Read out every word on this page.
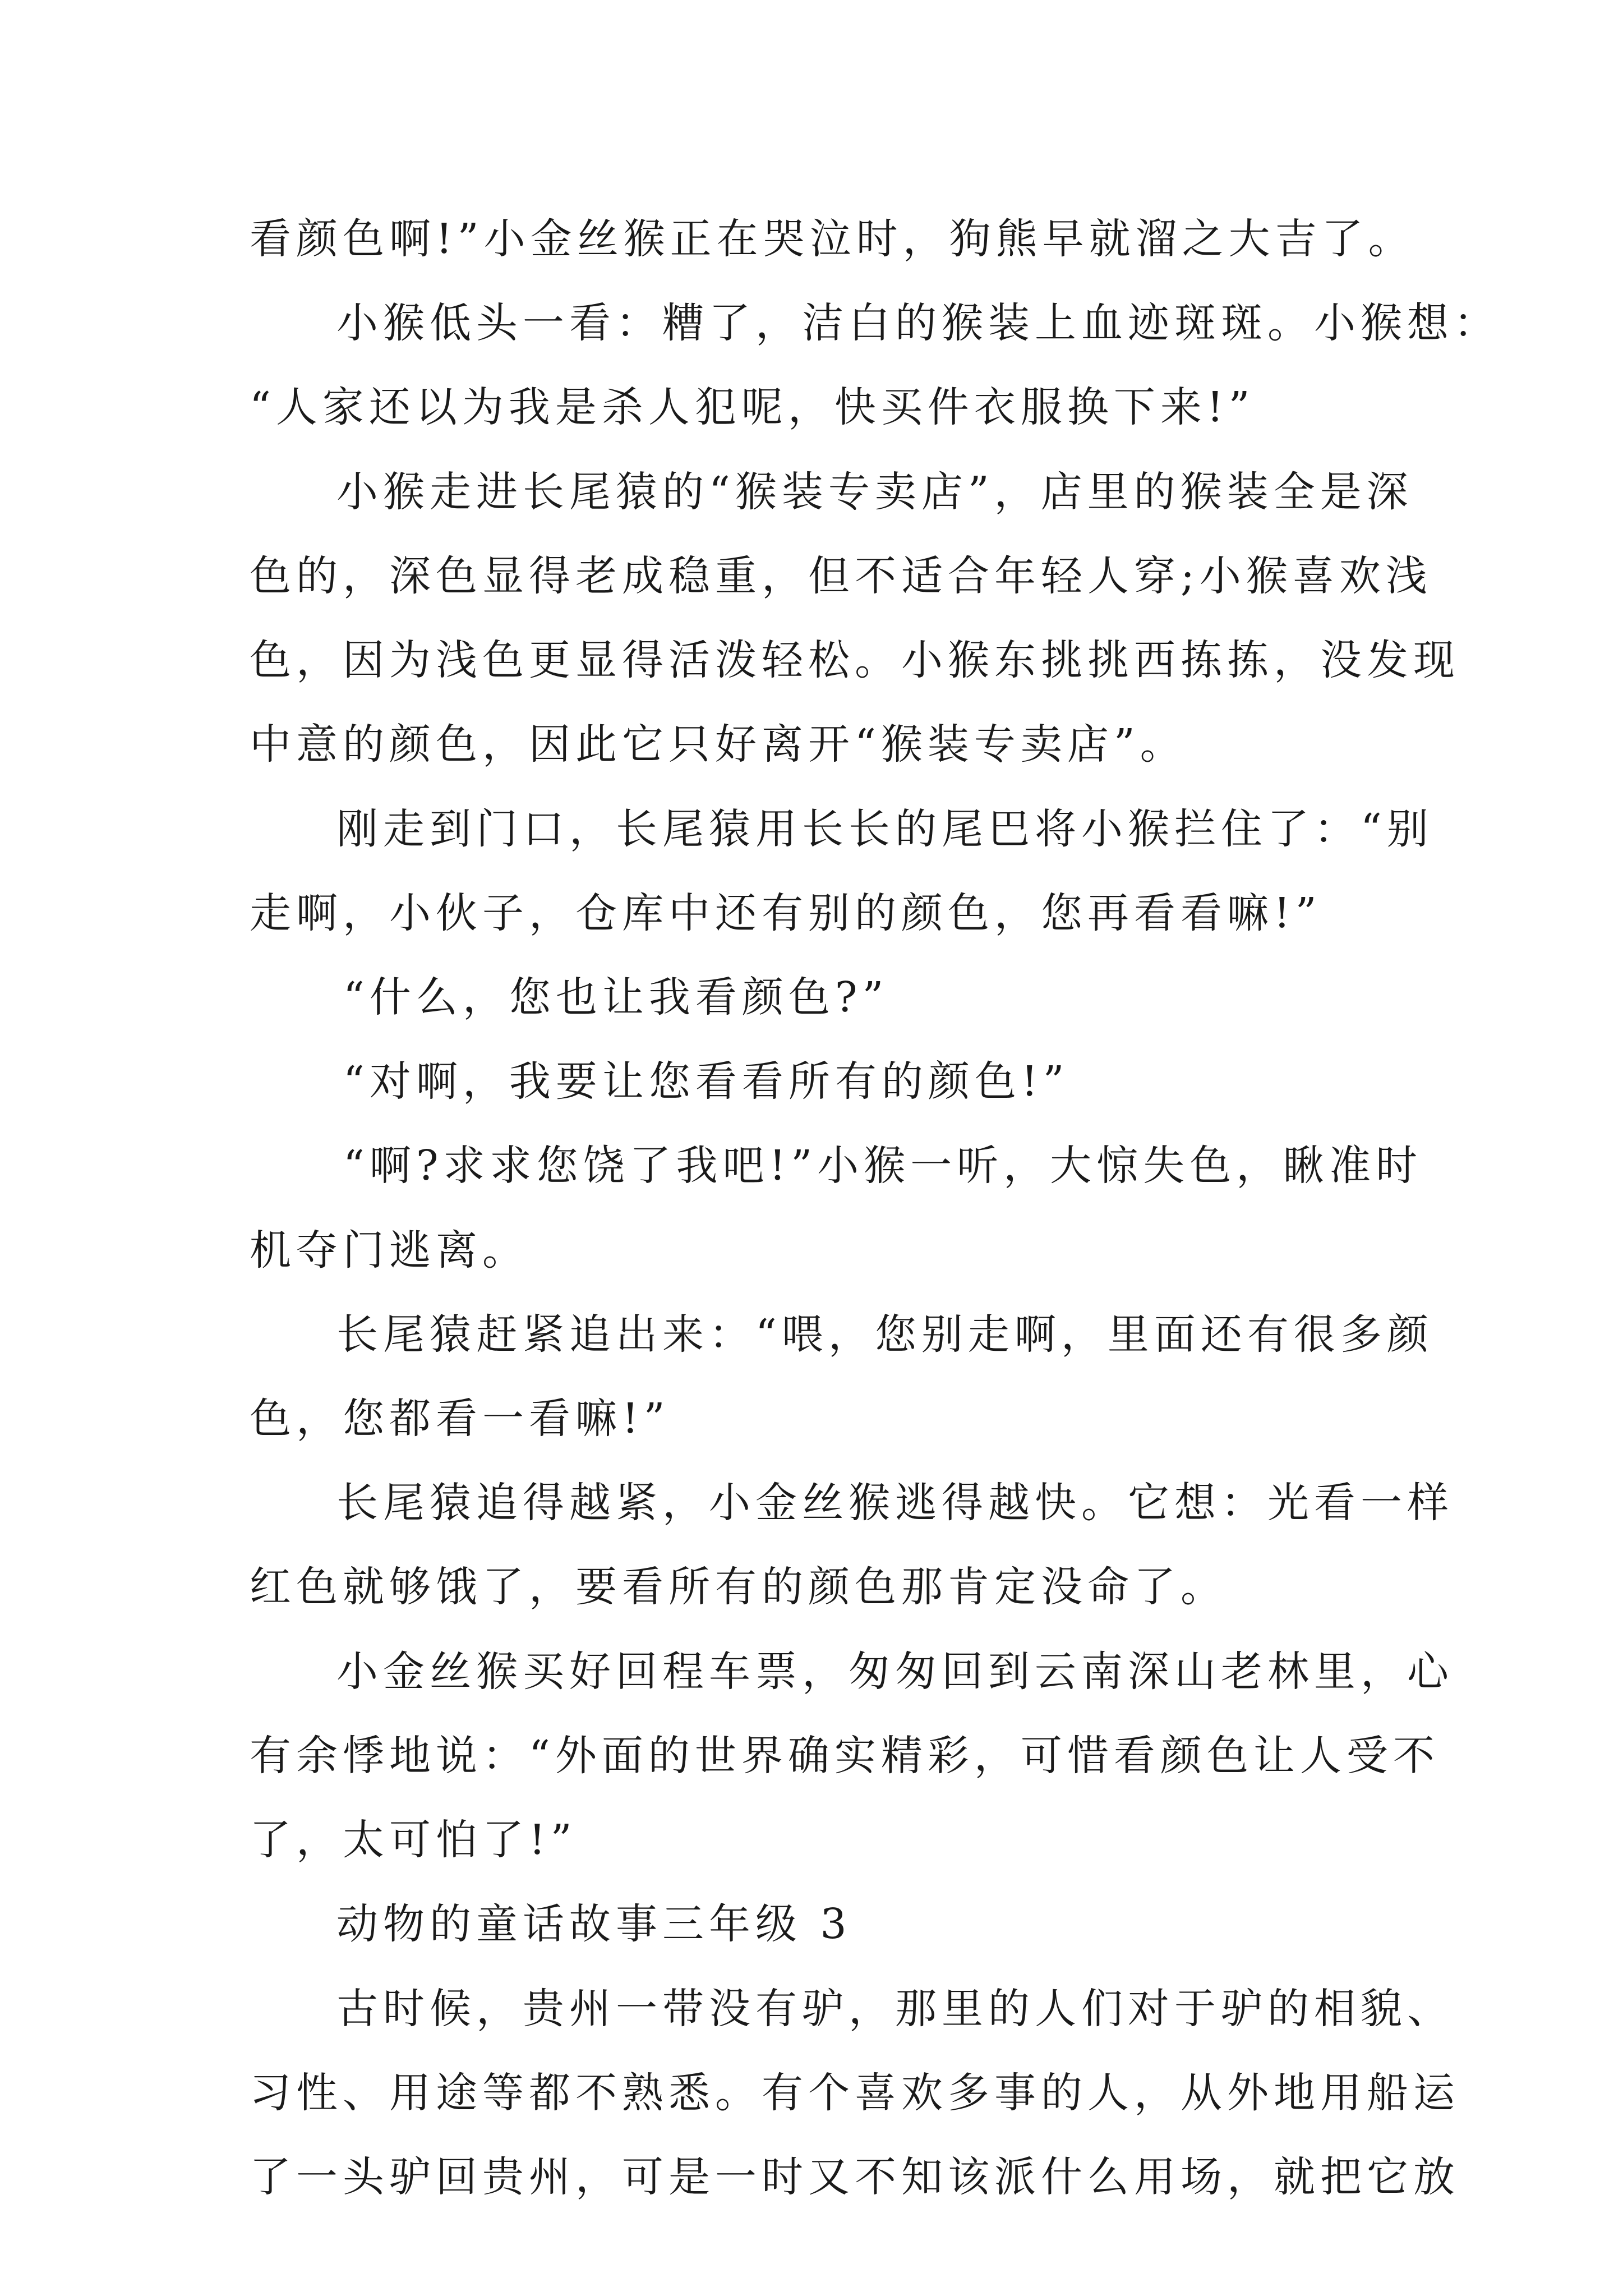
看颜色啊!”小金丝猴正在哭泣时，狗熊早就溜之大吉了。
小猴低头一看：糟了，洁白的猴装上血迹斑斑。小猴想：
“人家还以为我是杀人犯呢，快买件衣服换下来!”
小猴走进长尾猿的“猴装专卖店”，店里的猴装全是深
色的，深色显得老成稳重，但不适合年轻人穿;小猴喜欢浅
色，因为浅色更显得活泼轻松。小猴东挑挑西拣拣，没发现
中意的颜色，因此它只好离开“猴装专卖店”。
刚走到门口，长尾猿用长长的尾巴将小猴拦住了：“别
走啊，小伙子，仓库中还有别的颜色，您再看看嘛!”
“什么，您也让我看颜色?”
“对啊，我要让您看看所有的颜色!”
“啊?求求您饶了我吧!”小猴一听，大惊失色，瞅准时
机夺门逃离。
长尾猿赶紧追出来：“喂，您别走啊，里面还有很多颜
色，您都看一看嘛!”
长尾猿追得越紧，小金丝猴逃得越快。它想：光看一样
红色就够饿了，要看所有的颜色那肯定没命了。
小金丝猴买好回程车票，匆匆回到云南深山老林里，心
有余悸地说：“外面的世界确实精彩，可惜看颜色让人受不
了，太可怕了!”
动物的童话故事三年级 3
古时候，贵州一带没有驴，那里的人们对于驴的相貌、
习性、用途等都不熟悉。有个喜欢多事的人，从外地用船运
了一头驴回贵州，可是一时又不知该派什么用场，就把它放
